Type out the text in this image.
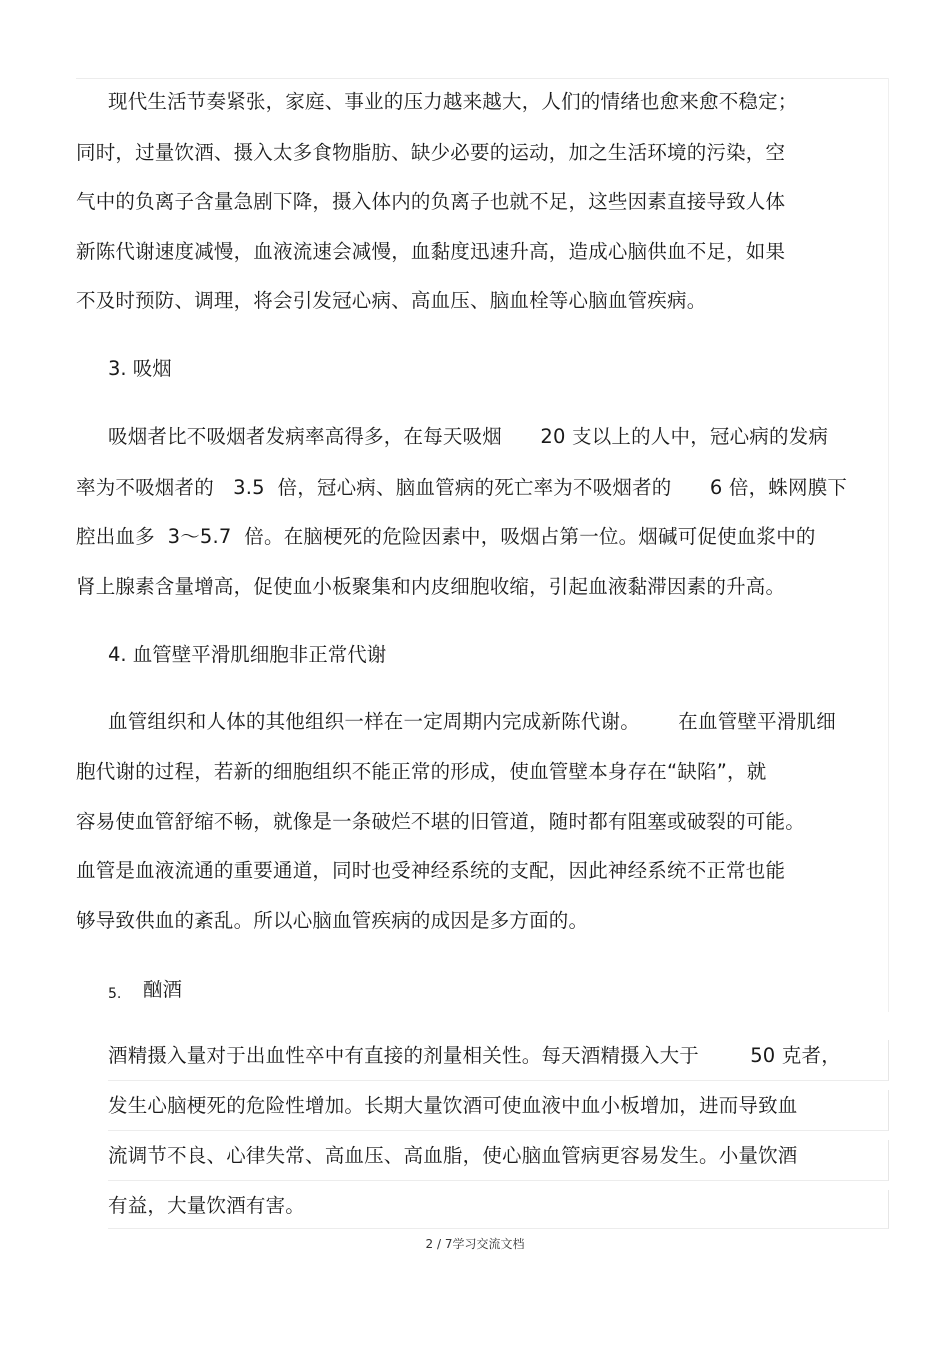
现代生活节奏紧张，家庭、事业的压力越来越大，人们的情绪也愈来愈不稳定；
同时，过量饮酒、摄入太多食物脂肪、缺少必要的运动，加之生活环境的污染，空
气中的负离子含量急剧下降，摄入体内的负离子也就不足，这些因素直接导致人体
新陈代谢速度减慢，血液流速会减慢，血黏度迅速升高，造成心脑供血不足，如果
不及时预防、调理，将会引发冠心病、高血压、脑血栓等心脑血管疾病。
3. 吸烟
吸烟者比不吸烟者发病率高得多，在每天吸烟      20 支以上的人中，冠心病的发病
率为不吸烟者的   3.5  倍，冠心病、脑血管病的死亡率为不吸烟者的      6 倍，蛛网膜下
腔出血多  3～5.7  倍。在脑梗死的危险因素中，吸烟占第一位。烟碱可促使血浆中的
肾上腺素含量增高，促使血小板聚集和内皮细胞收缩，引起血液黏滞因素的升高。
4. 血管壁平滑肌细胞非正常代谢
血管组织和人体的其他组织一样在一定周期内完成新陈代谢。      在血管壁平滑肌细
胞代谢的过程，若新的细胞组织不能正常的形成，使血管壁本身存在“缺陷”，就
容易使血管舒缩不畅，就像是一条破烂不堪的旧管道，随时都有阻塞或破裂的可能。
血管是血液流通的重要通道，同时也受神经系统的支配，因此神经系统不正常也能
够导致供血的紊乱。所以心脑血管疾病的成因是多方面的。
5. 酗酒
酒精摄入量对于出血性卒中有直接的剂量相关性。每天酒精摄入大于        50 克者，
发生心脑梗死的危险性增加。长期大量饮酒可使血液中血小板增加，进而导致血
流调节不良、心律失常、高血压、高血脂，使心脑血管病更容易发生。小量饮酒
有益，大量饮酒有害。
2 / 7学习交流文档
